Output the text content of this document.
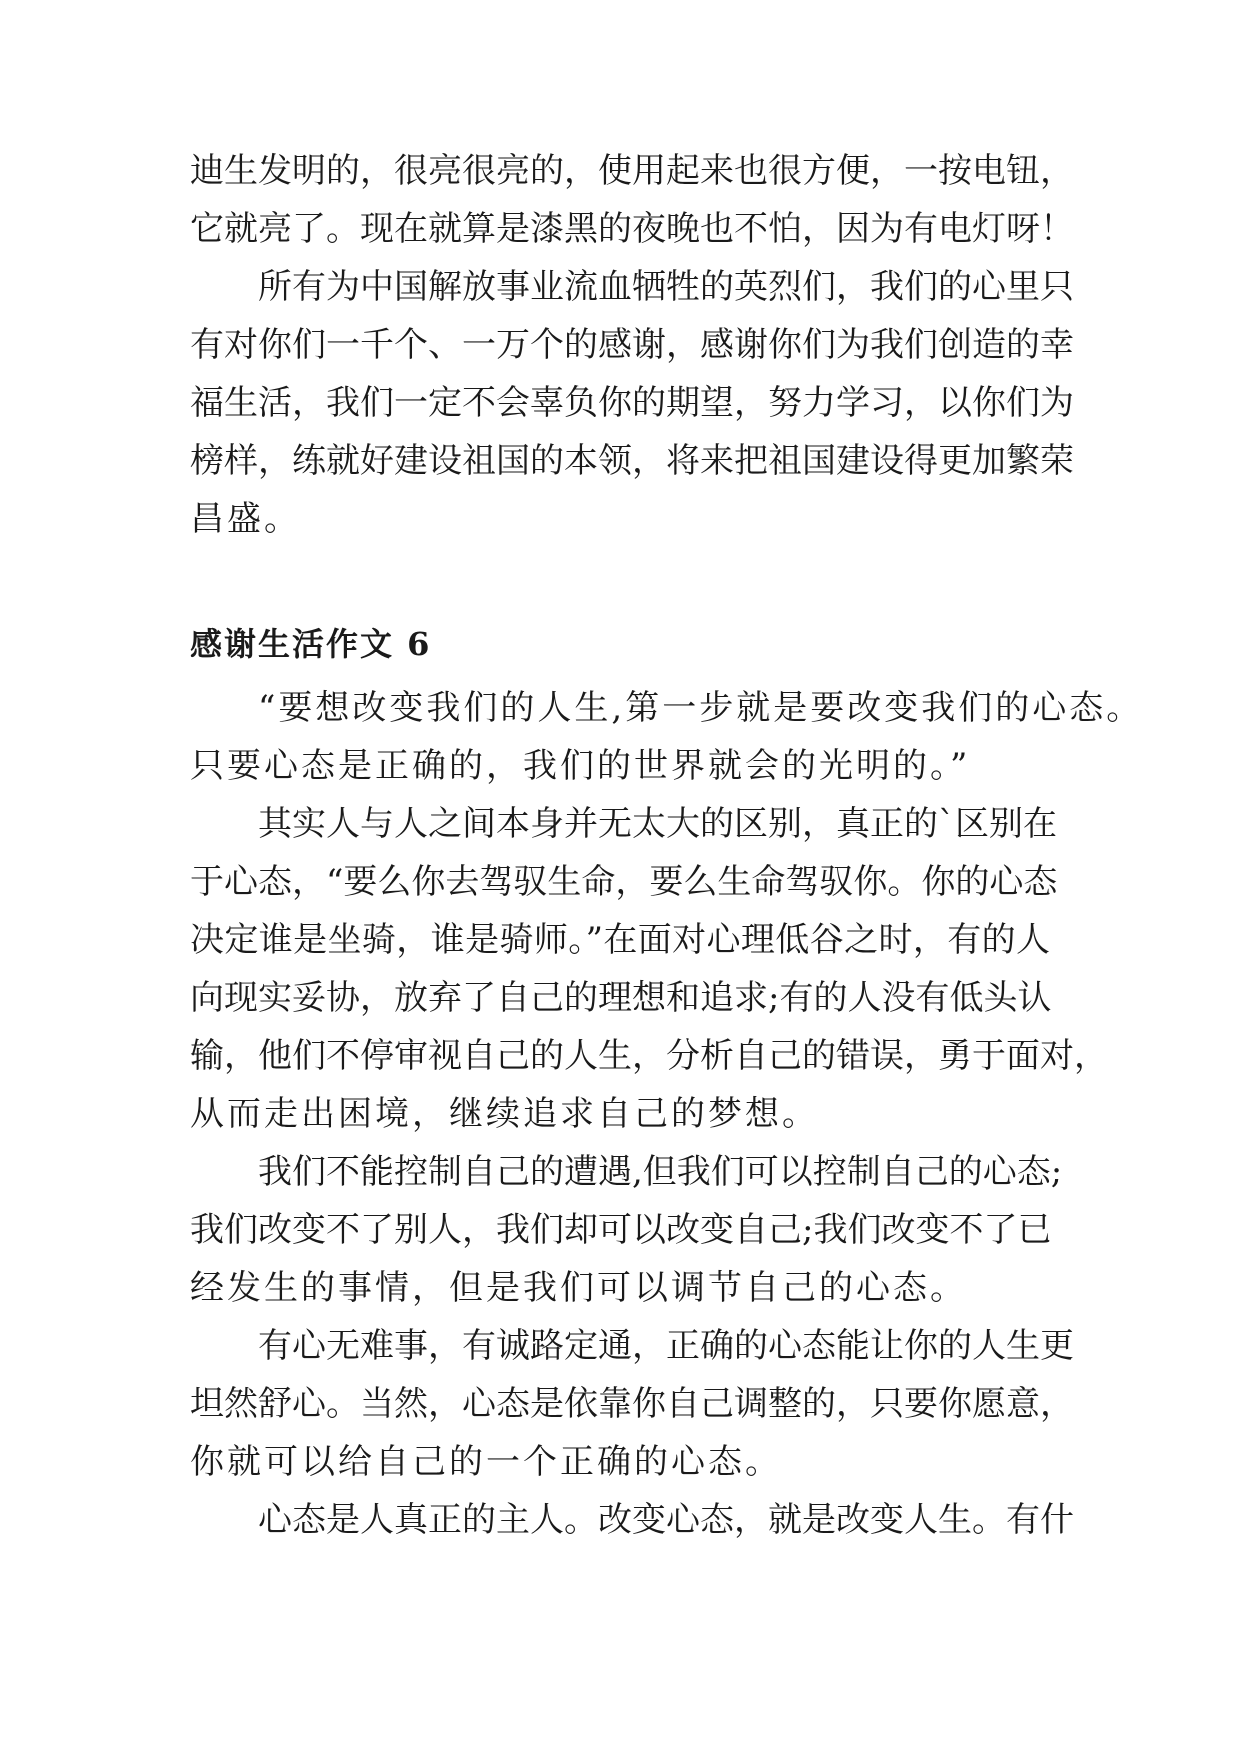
迪生发明的，很亮很亮的，使用起来也很方便，一按电钮，
它就亮了。现在就算是漆黑的夜晚也不怕，因为有电灯呀！
所有为中国解放事业流血牺牲的英烈们，我们的心里只
有对你们一千个、一万个的感谢，感谢你们为我们创造的幸
福生活，我们一定不会辜负你的期望，努力学习，以你们为
榜样，练就好建设祖国的本领，将来把祖国建设得更加繁荣
昌盛。
感谢生活作文 6
“要想改变我们的人生,第一步就是要改变我们的心态。
只要心态是正确的，我们的世界就会的光明的。”
其实人与人之间本身并无太大的区别，真正的`区别在
于心态，“要么你去驾驭生命，要么生命驾驭你。你的心态
决定谁是坐骑，谁是骑师。”在面对心理低谷之时，有的人
向现实妥协，放弃了自己的理想和追求;有的人没有低头认
输，他们不停审视自己的人生，分析自己的错误，勇于面对，
从而走出困境，继续追求自己的梦想。
我们不能控制自己的遭遇,但我们可以控制自己的心态;
我们改变不了别人，我们却可以改变自己;我们改变不了已
经发生的事情，但是我们可以调节自己的心态。
有心无难事，有诚路定通，正确的心态能让你的人生更
坦然舒心。当然，心态是依靠你自己调整的，只要你愿意，
你就可以给自己的一个正确的心态。
心态是人真正的主人。改变心态，就是改变人生。有什
